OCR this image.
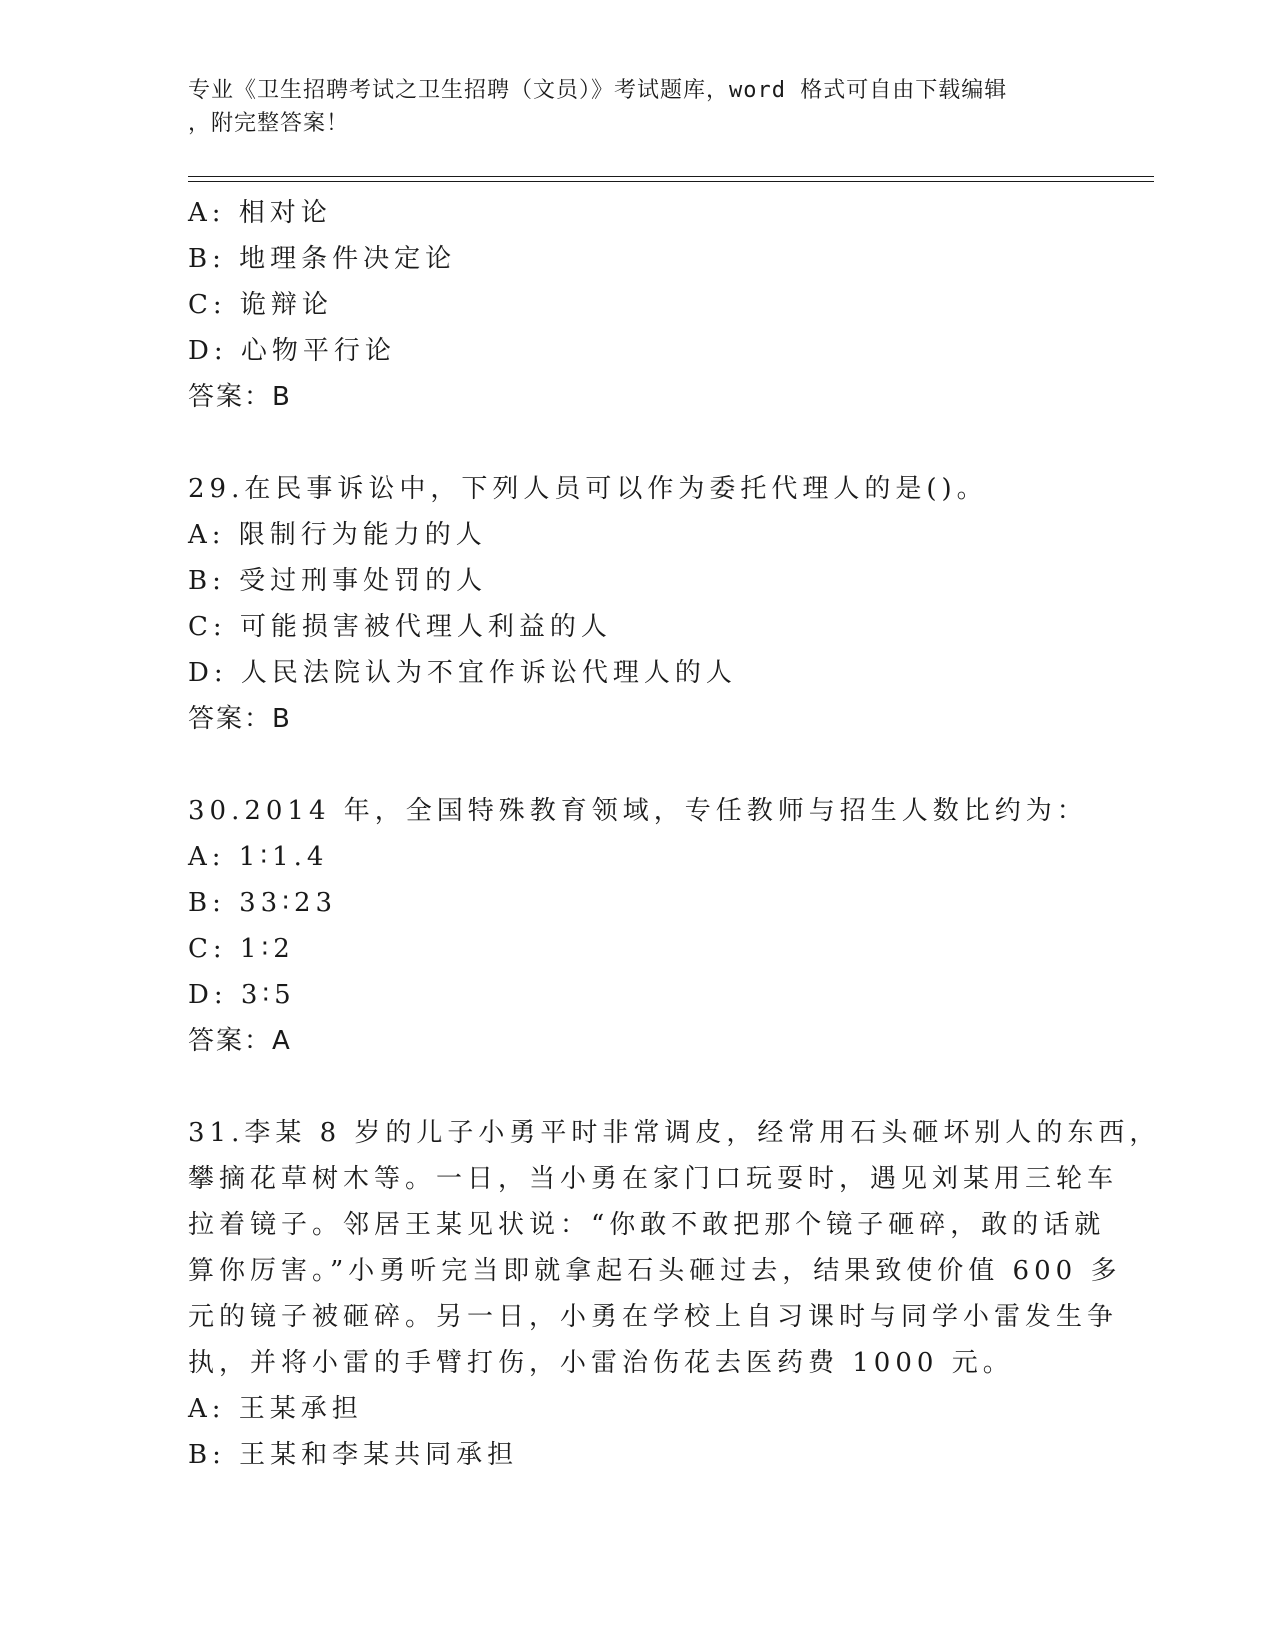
专业《卫生招聘考试之卫生招聘（文员）》考试题库，word 格式可自由下载编辑
，附完整答案！
A: 相对论
B: 地理条件决定论
C: 诡辩论
D: 心物平行论
答案：B
29.在民事诉讼中，下列人员可以作为委托代理人的是()。
A: 限制行为能力的人
B: 受过刑事处罚的人
C: 可能损害被代理人利益的人
D: 人民法院认为不宜作诉讼代理人的人
答案：B
30.2014 年，全国特殊教育领域，专任教师与招生人数比约为：
A: 1∶1.4
B: 33∶23
C: 1∶2
D: 3∶5
答案：A
31.李某 8 岁的儿子小勇平时非常调皮，经常用石头砸坏别人的东西，
攀摘花草树木等。一日，当小勇在家门口玩耍时，遇见刘某用三轮车
拉着镜子。邻居王某见状说：“你敢不敢把那个镜子砸碎，敢的话就
算你厉害。”小勇听完当即就拿起石头砸过去，结果致使价值 600 多
元的镜子被砸碎。另一日，小勇在学校上自习课时与同学小雷发生争
执，并将小雷的手臂打伤，小雷治伤花去医药费 1000 元。
A: 王某承担
B: 王某和李某共同承担
